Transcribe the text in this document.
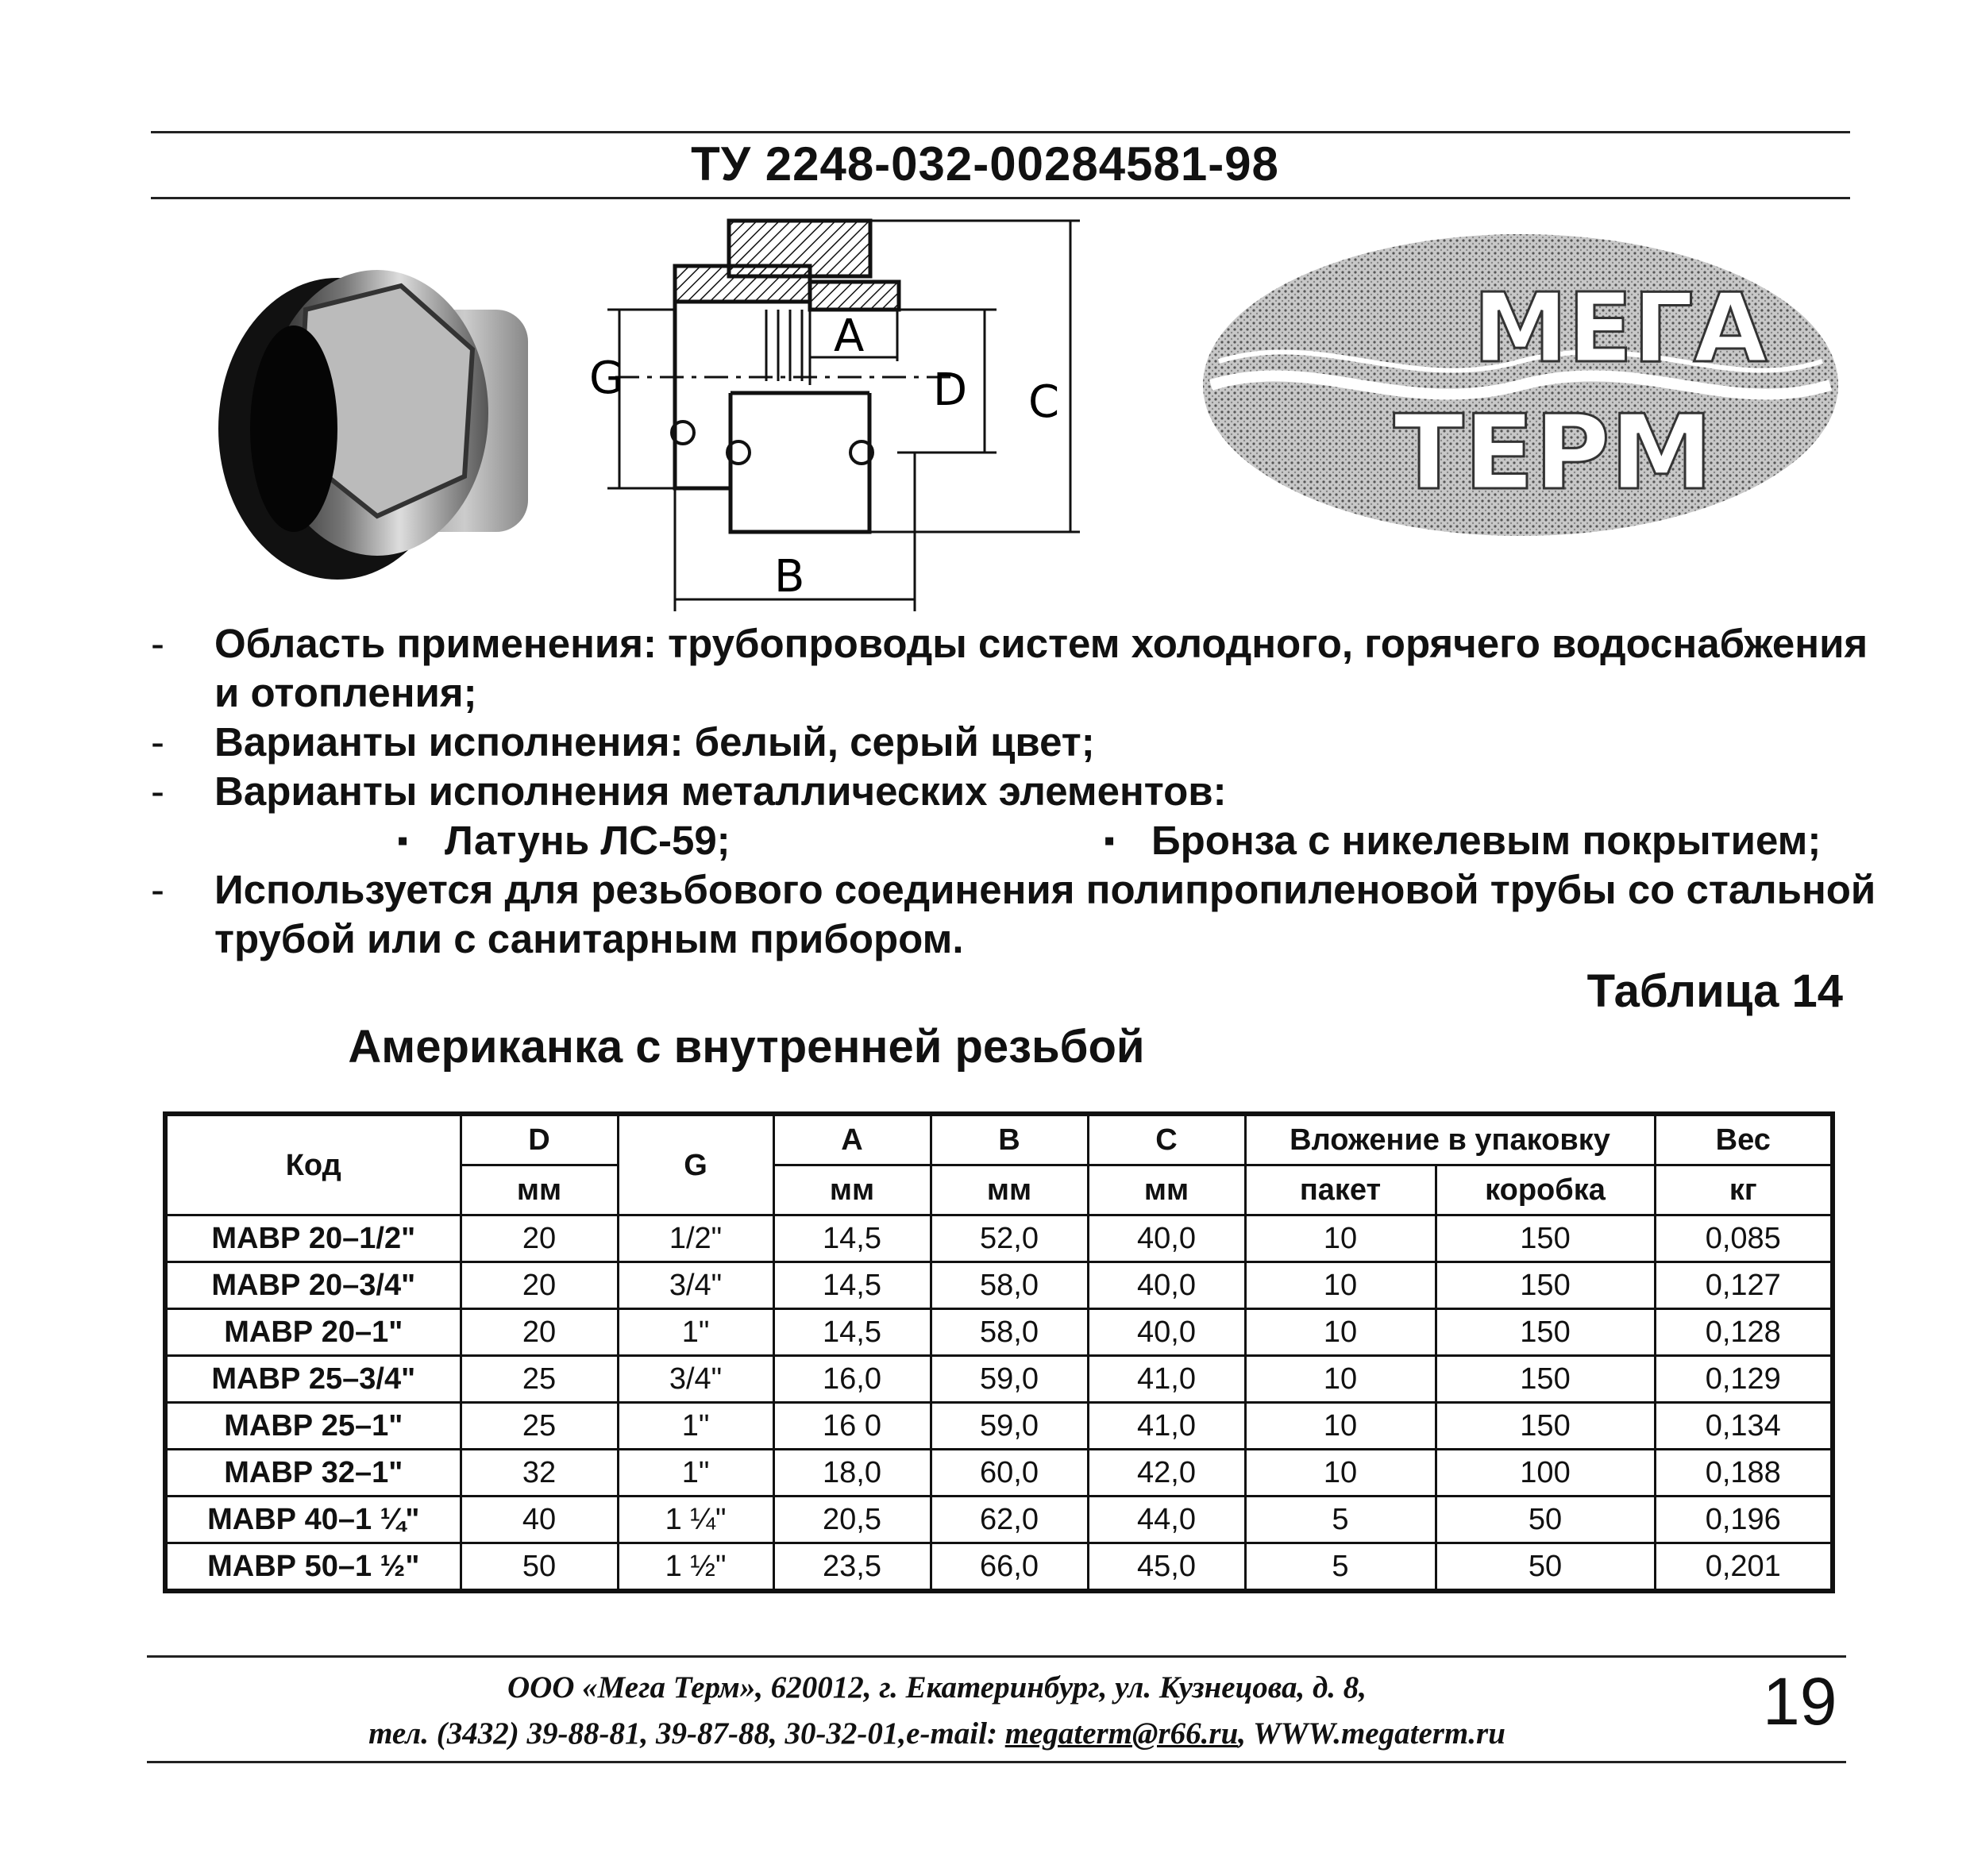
ТУ 2248-032-00284581-98
G
A
D C
B
МЕГА
ТЕРМ
- Область применения: трубопроводы систем холодного, горячего водоснабжения и отопления;
- Варианты исполнения: белый, серый цвет;
- Варианты исполнения металлических элементов:
▪ Латунь ЛС-59;	▪ Бронза с никелевым покрытием;
- Используется для резьбового соединения полипропиленовой трубы со стальной трубой или с санитарным прибором.
Таблица 14
Американка с внутренней резьбой
Код	D	G	A	B	C	Вложение в упаковку		Вес
	мм		мм	мм	мм	пакет	коробка	кг
МАВР 20–1/2"	20	1/2"	14,5	52,0	40,0	10	150	0,085
МАВР 20–3/4"	20	3/4"	14,5	58,0	40,0	10	150	0,127
МАВР 20–1"	20	1"	14,5	58,0	40,0	10	150	0,128
МАВР 25–3/4"	25	3/4"	16,0	59,0	41,0	10	150	0,129
МАВР 25–1"	25	1"	16 0	59,0	41,0	10	150	0,134
МАВР 32–1"	32	1"	18,0	60,0	42,0	10	100	0,188
МАВР 40–1 ¼"	40	1 ¼"	20,5	62,0	44,0	5	50	0,196
МАВР 50–1 ½"	50	1 ½"	23,5	66,0	45,0	5	50	0,201
ООО «Мега Терм», 620012, г. Екатеринбург, ул. Кузнецова, д. 8,
тел. (3432) 39-88-81, 39-87-88, 30-32-01,e-mail: megaterm@r66.ru, WWW.megaterm.ru	19
